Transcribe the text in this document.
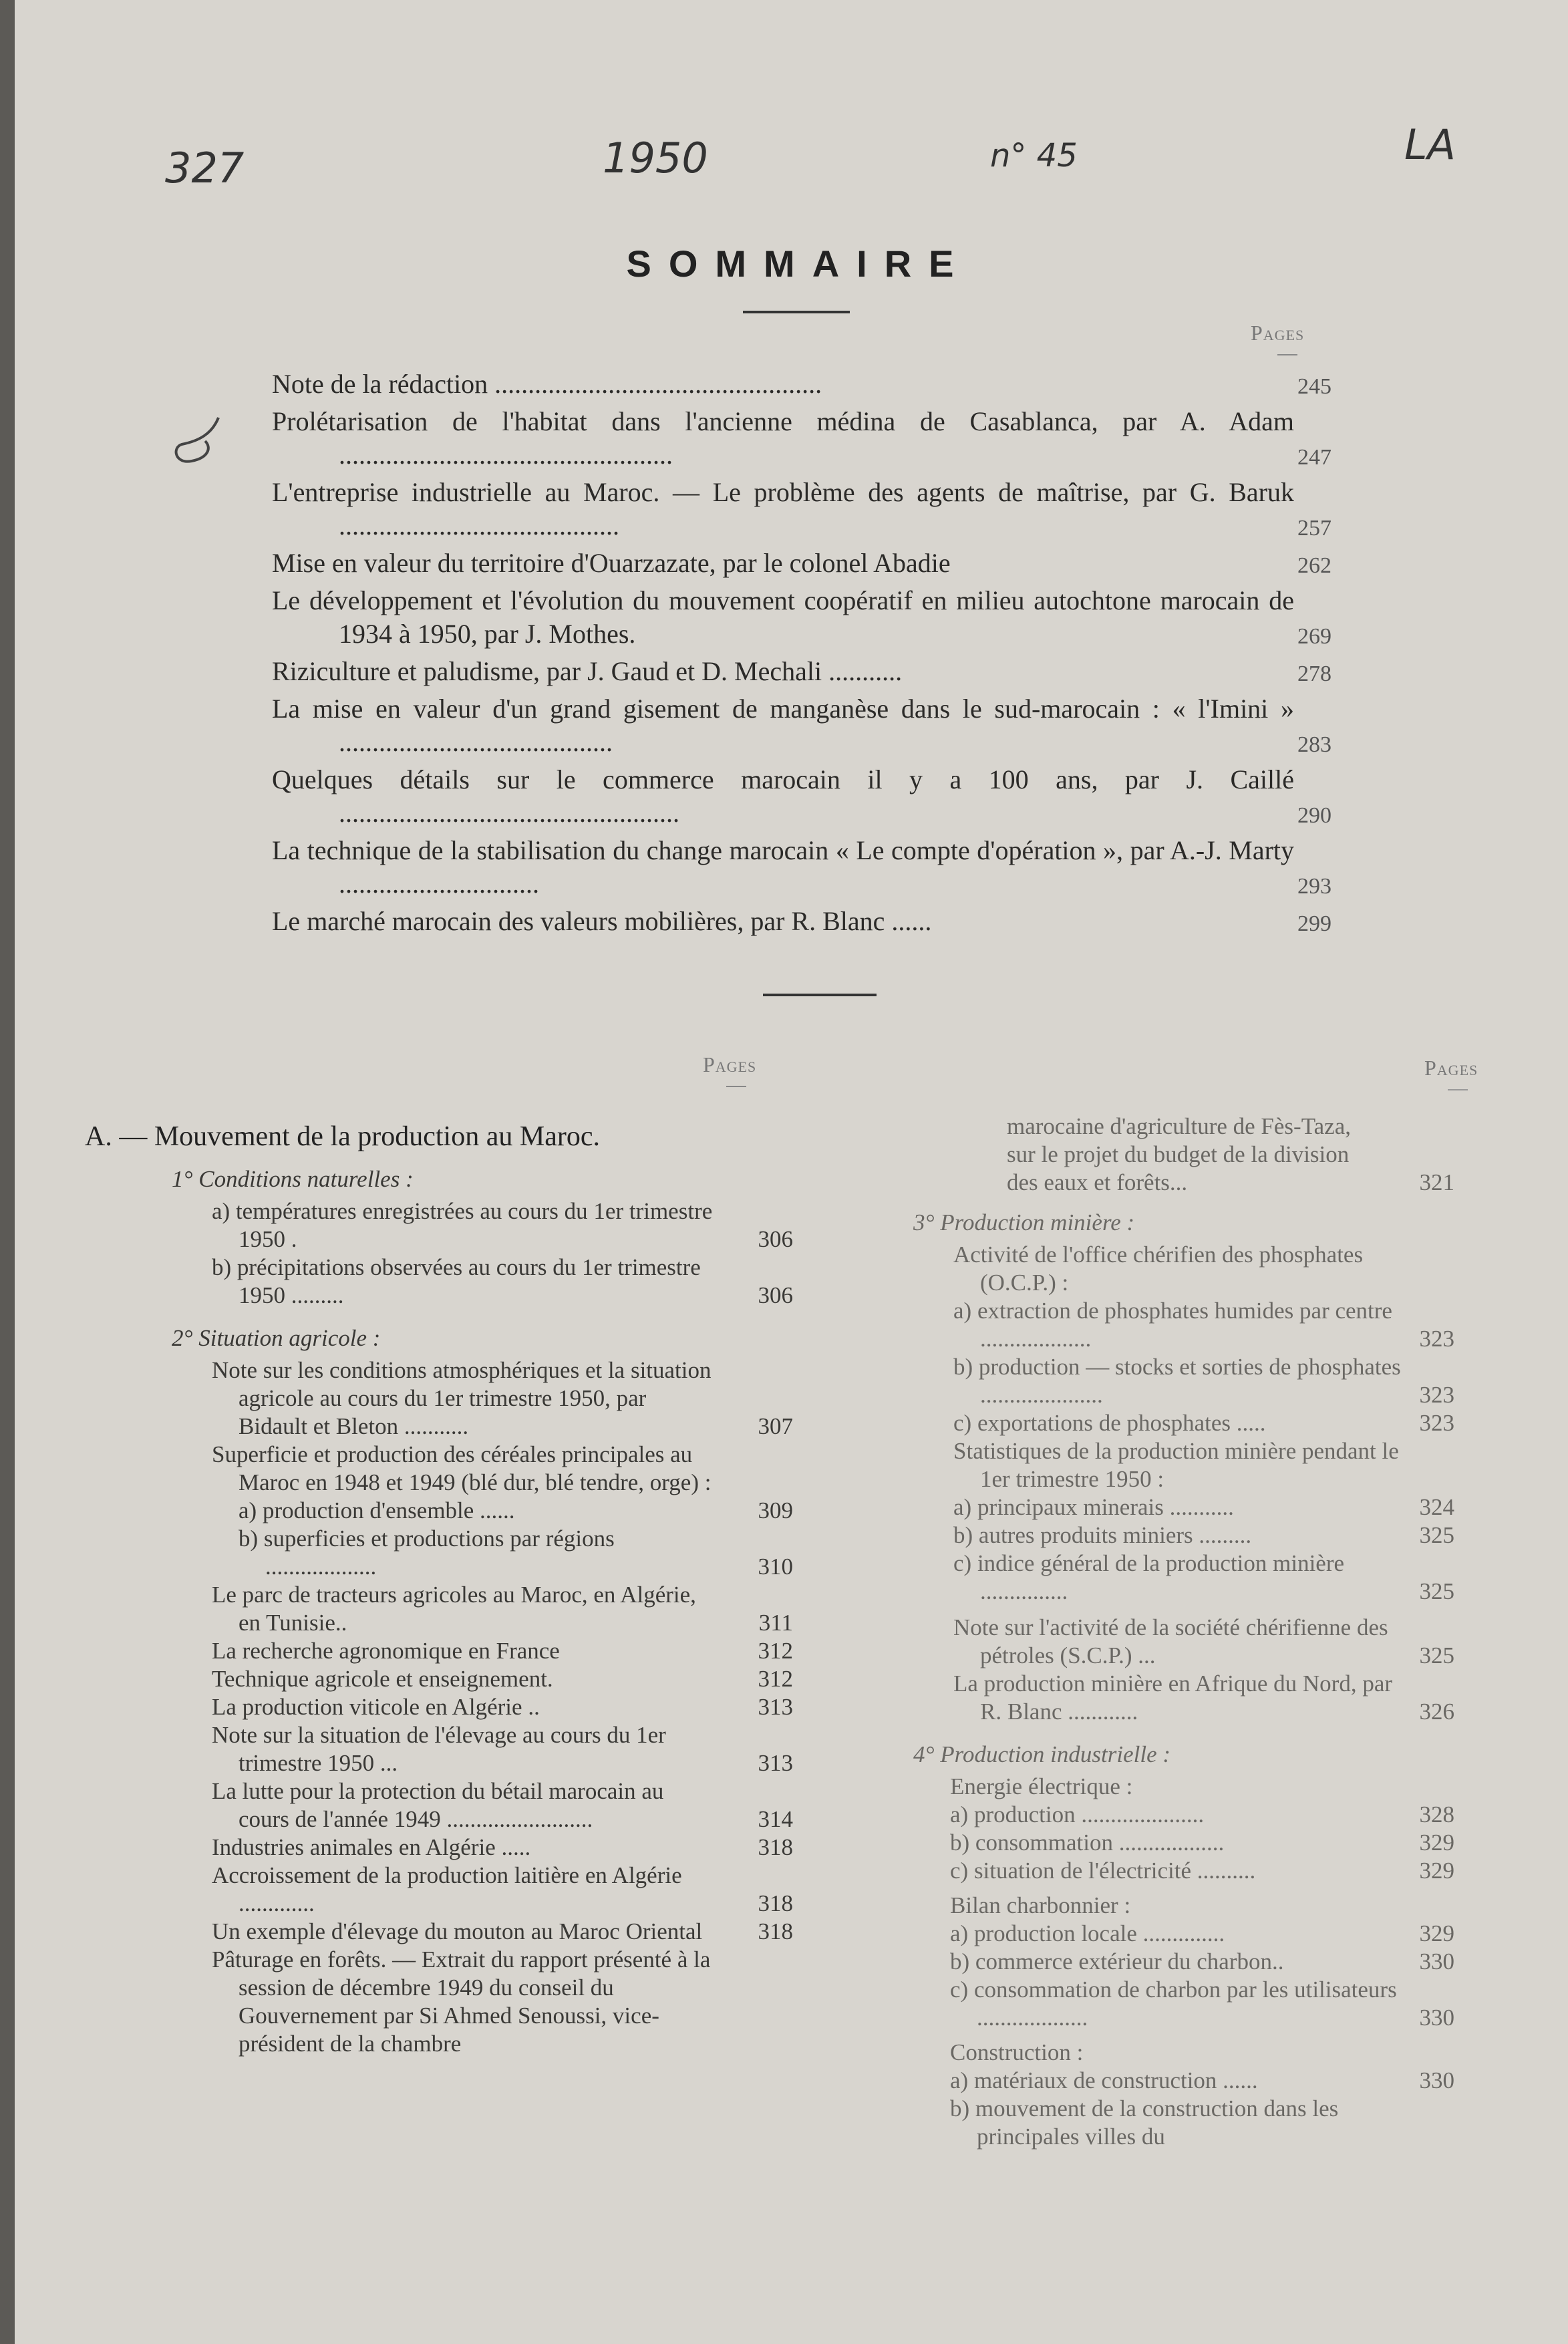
327	1950	n° 45	LA
SOMMAIRE
Pages
Note de la rédaction .................................................	245
Prolétarisation de l'habitat dans l'ancienne médina de Casablanca, par A. Adam ..................................................	247
L'entreprise industrielle au Maroc. — Le problème des agents de maîtrise, par G. Baruk ..........................................	257
Mise en valeur du territoire d'Ouarzazate, par le colonel Abadie	262
Le développement et l'évolution du mouvement coopératif en milieu autochtone marocain de 1934 à 1950, par J. Mothes.	269
Riziculture et paludisme, par J. Gaud et D. Mechali ...........	278
La mise en valeur d'un grand gisement de manganèse dans le sud-marocain : « l'Imini » .........................................	283
Quelques détails sur le commerce marocain il y a 100 ans, par J. Caillé ...................................................	290
La technique de la stabilisation du change marocain « Le compte d'opération », par A.-J. Marty ..............................	293
Le marché marocain des valeurs mobilières, par R. Blanc ......	299
Pages	Pages
A. — Mouvement de la production au Maroc.
1° Conditions naturelles :
a) températures enregistrées au cours du 1er trimestre 1950 .	306
b) précipitations observées au cours du 1er trimestre 1950 .........	306
2° Situation agricole :
Note sur les conditions atmosphériques et la situation agricole au cours du 1er trimestre 1950, par Bidault et Bleton ...........	307
Superficie et production des céréales principales au Maroc en 1948 et 1949 (blé dur, blé tendre, orge) :
a) production d'ensemble ......	309
b) superficies et productions par régions ...................	310
Le parc de tracteurs agricoles au Maroc, en Algérie, en Tunisie..	311
La recherche agronomique en France	312
Technique agricole et enseignement.	312
La production viticole en Algérie ..	313
Note sur la situation de l'élevage au cours du 1er trimestre 1950 ...	313
La lutte pour la protection du bétail marocain au cours de l'année 1949 .........................	314
Industries animales en Algérie .....	318
Accroissement de la production laitière en Algérie .............	318
Un exemple d'élevage du mouton au Maroc Oriental	318
Pâturage en forêts. — Extrait du rapport présenté à la session de décembre 1949 du conseil du Gouvernement par Si Ahmed Senoussi, vice-président de la chambre
marocaine d'agriculture de Fès-Taza, sur le projet du budget de la division des eaux et forêts...	321
3° Production minière :
Activité de l'office chérifien des phosphates (O.C.P.) :
a) extraction de phosphates humides par centre ...................	323
b) production — stocks et sorties de phosphates .....................	323
c) exportations de phosphates .....	323
Statistiques de la production minière pendant le 1er trimestre 1950 :
a) principaux minerais ...........	324
b) autres produits miniers .........	325
c) indice général de la production minière ...............	325
Note sur l'activité de la société chérifienne des pétroles (S.C.P.) ...	325
La production minière en Afrique du Nord, par R. Blanc ............	326
4° Production industrielle :
Energie électrique :
a) production .....................	328
b) consommation ..................	329
c) situation de l'électricité ..........	329
Bilan charbonnier :
a) production locale ..............	329
b) commerce extérieur du charbon..	330
c) consommation de charbon par les utilisateurs ...................	330
Construction :
a) matériaux de construction ......	330
b) mouvement de la construction dans les principales villes du
